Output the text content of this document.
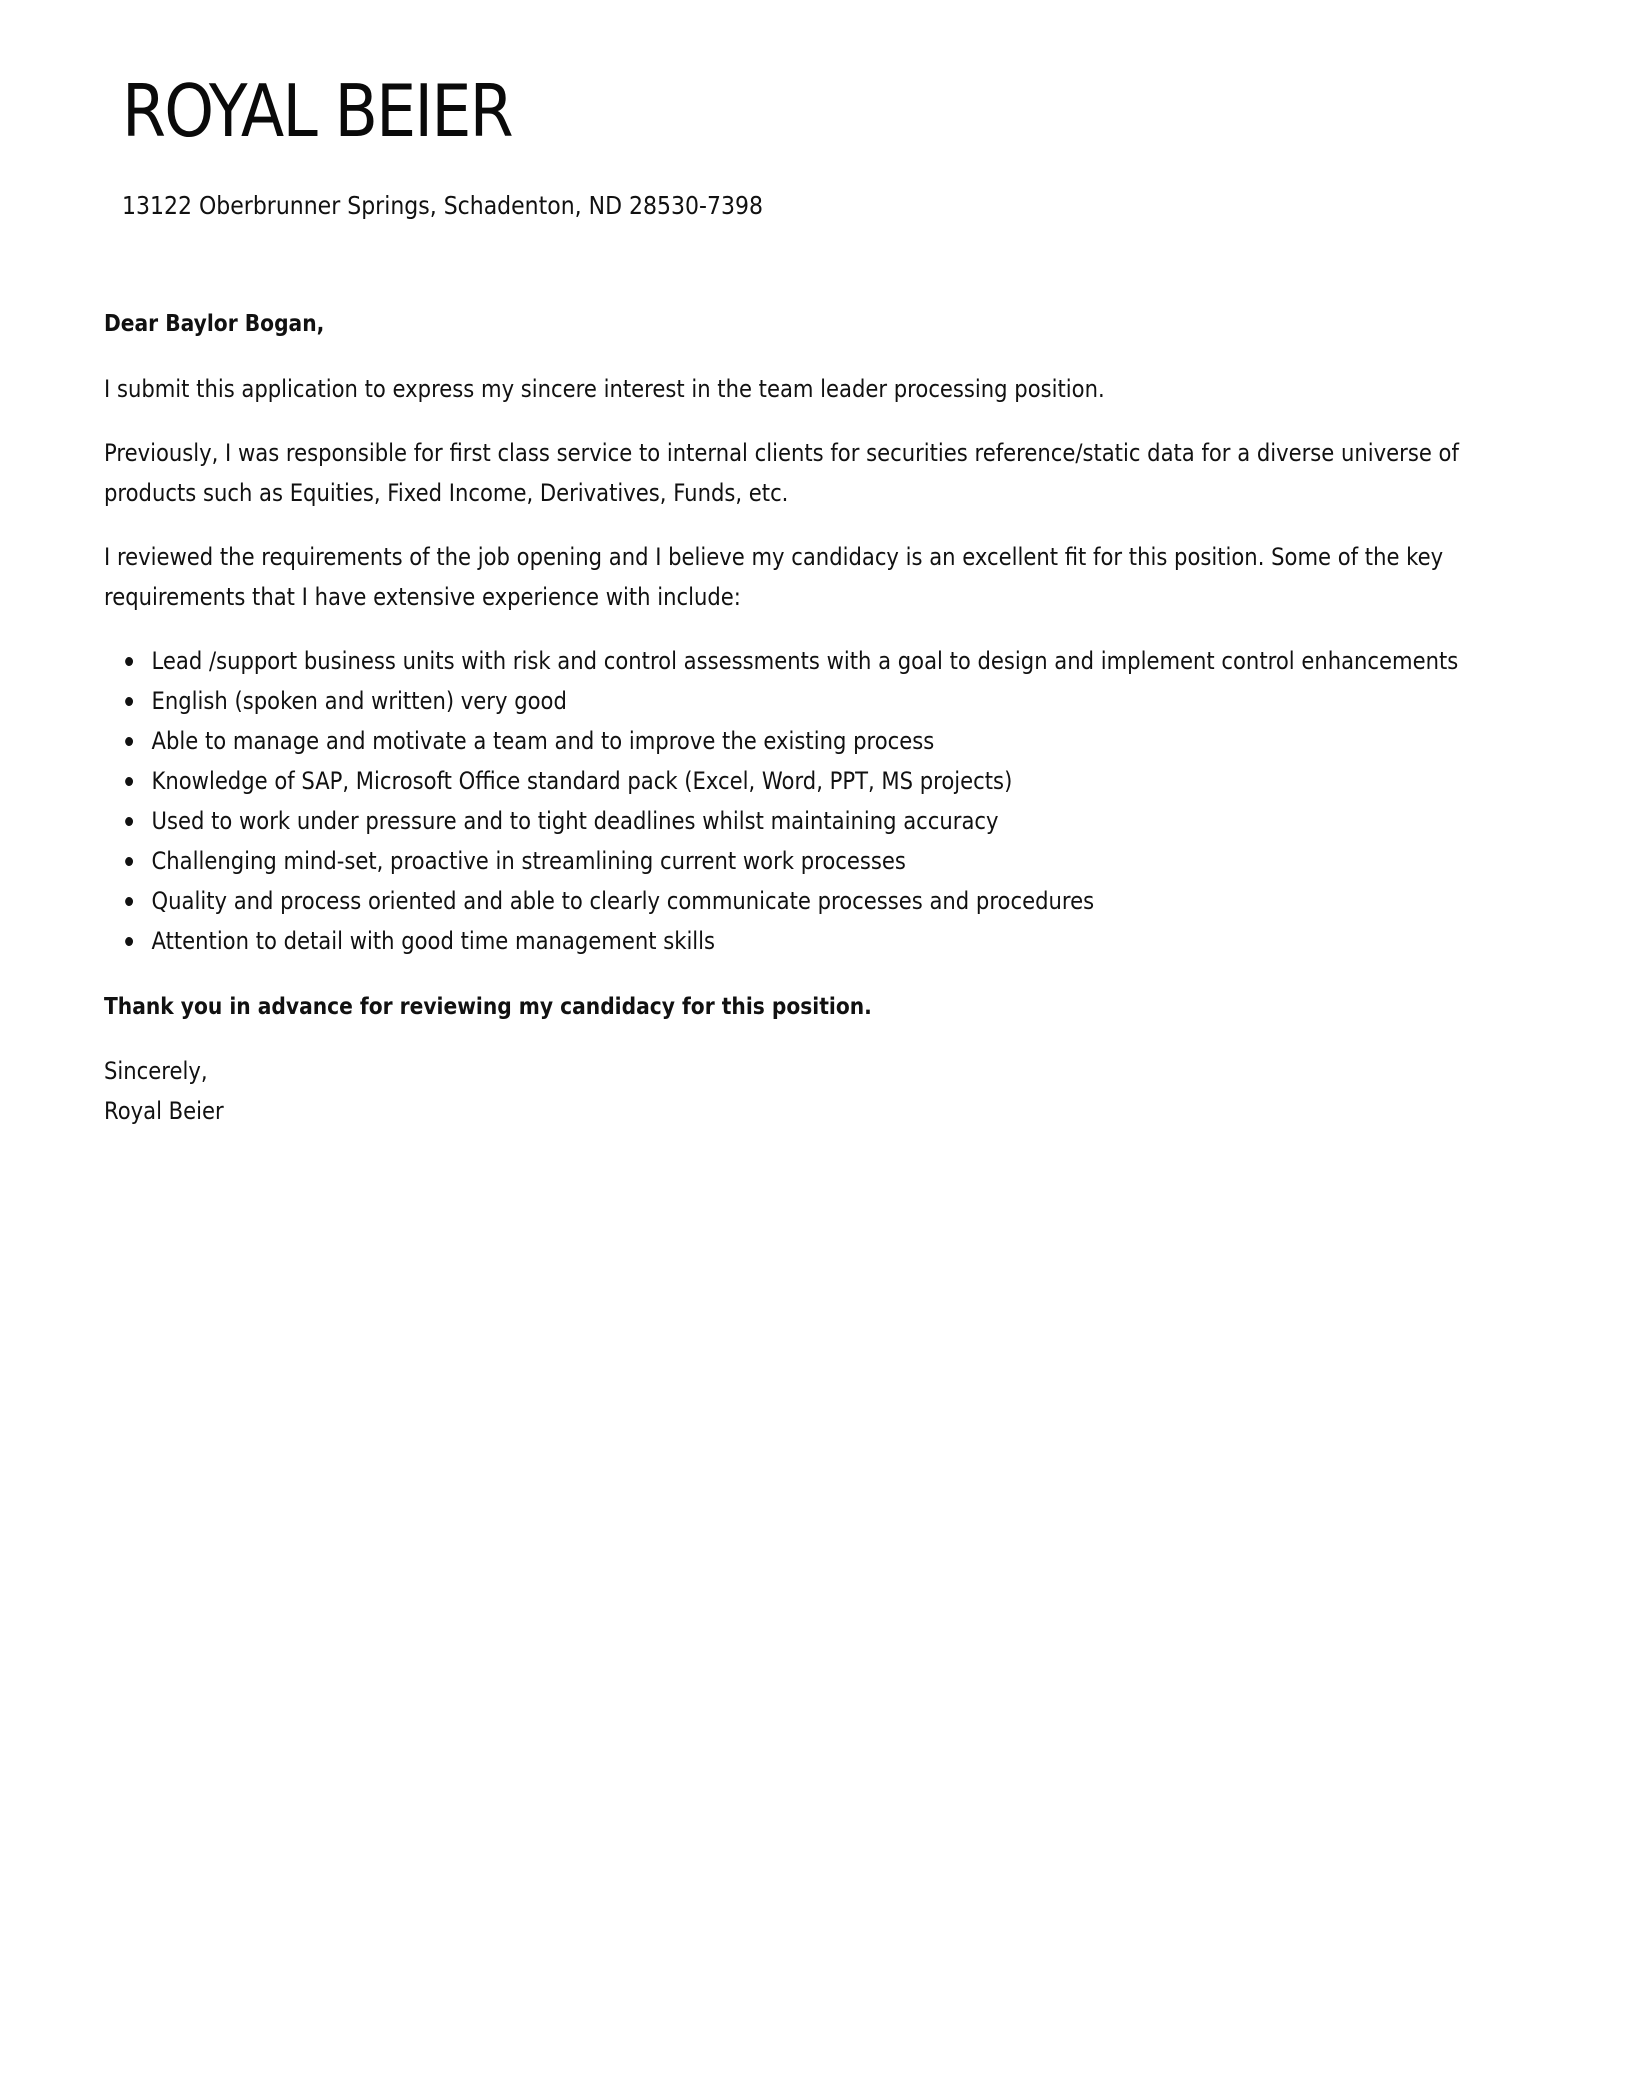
ROYAL BEIER
13122 Oberbrunner Springs, Schadenton, ND 28530-7398

Dear Baylor Bogan,

I submit this application to express my sincere interest in the team leader processing position.

Previously, I was responsible for first class service to internal clients for securities reference/static data for a diverse universe of products such as Equities, Fixed Income, Derivatives, Funds, etc.

I reviewed the requirements of the job opening and I believe my candidacy is an excellent fit for this position. Some of the key requirements that I have extensive experience with include:

Lead /support business units with risk and control assessments with a goal to design and implement control enhancements
English (spoken and written) very good
Able to manage and motivate a team and to improve the existing process
Knowledge of SAP, Microsoft Office standard pack (Excel, Word, PPT, MS projects)
Used to work under pressure and to tight deadlines whilst maintaining accuracy
Challenging mind-set, proactive in streamlining current work processes
Quality and process oriented and able to clearly communicate processes and procedures
Attention to detail with good time management skills

Thank you in advance for reviewing my candidacy for this position.

Sincerely,
Royal Beier
